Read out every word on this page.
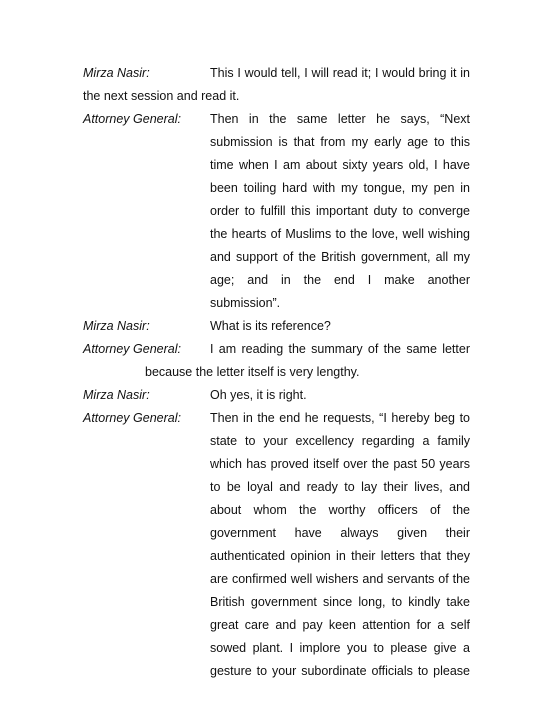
Mirza Nasir:	This I would tell, I will read it; I would bring it in
the next session and read it.
Attorney General: Then in the same letter he says, “Next
submission is that from my early age to this
time when I am about sixty years old, I have
been toiling hard with my tongue, my pen in
order to fulfill this important duty to converge
the hearts of Muslims to the love, well wishing
and support of the British government, all my
age; and in the end I make another
submission”.
Mirza Nasir:	What is its reference?
Attorney General: I am reading the summary of the same letter
because the letter itself is very lengthy.
Mirza Nasir:	Oh yes, it is right.
Attorney General: Then in the end he requests, “I hereby beg to
state to your excellency regarding a family
which has proved itself over the past 50 years
to be loyal and ready to lay their lives, and
about whom the worthy officers of the
government have always given their
authenticated opinion in their letters that they
are confirmed well wishers and servants of the
British government since long, to kindly take
great care and pay keen attention for a self
sowed plant. I implore you to please give a
gesture to your subordinate officials to please
